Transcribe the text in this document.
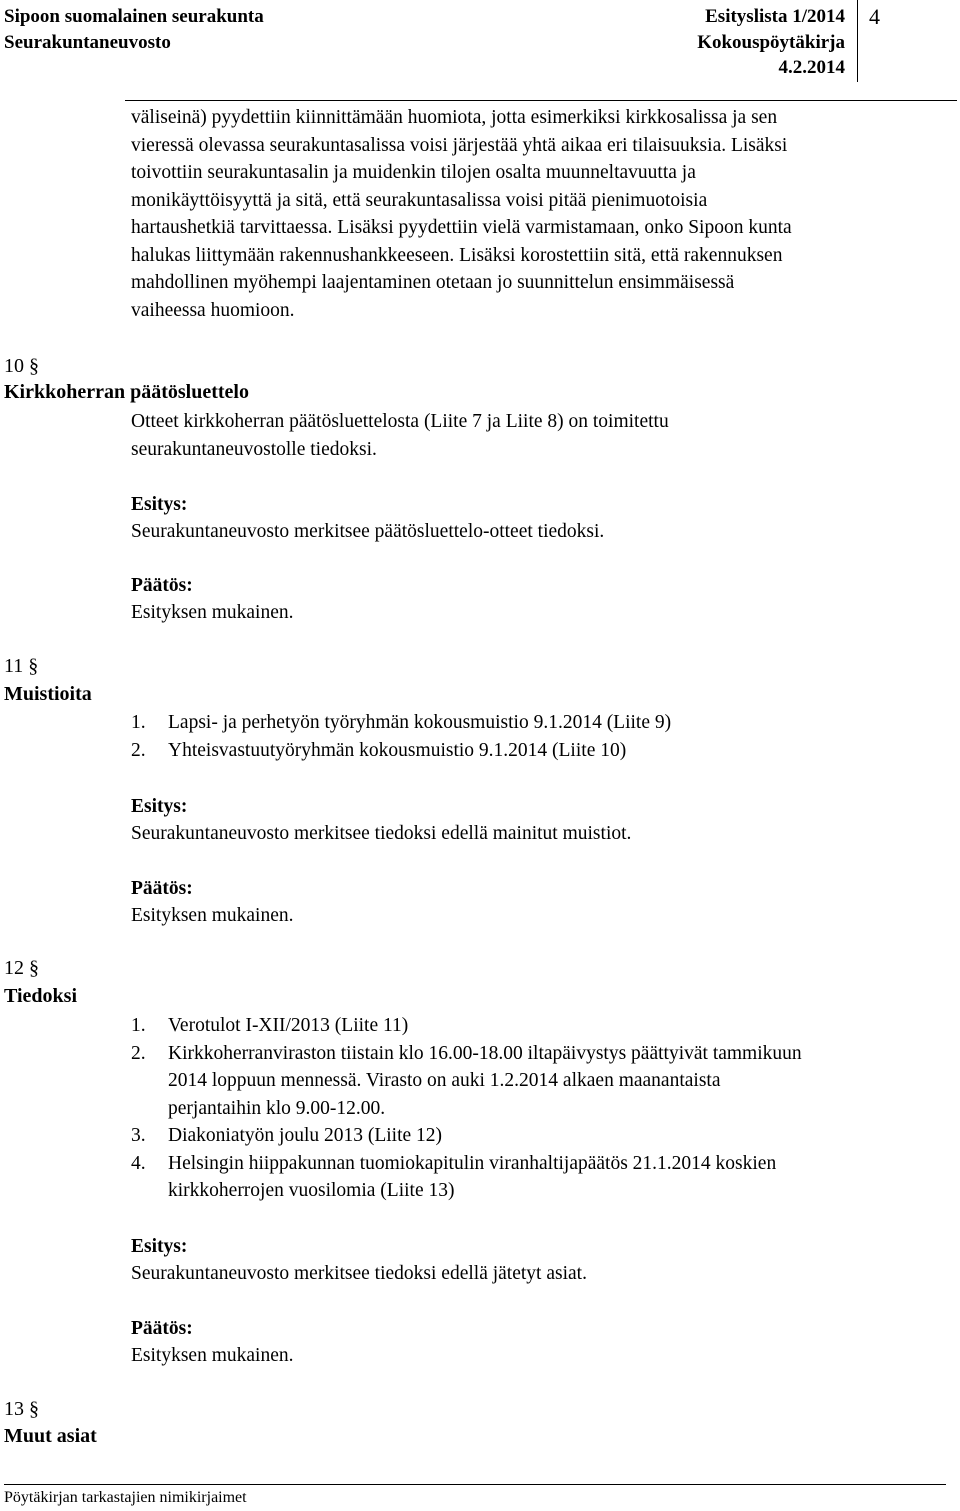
Sipoon suomalainen seurakunta
Seurakuntaneuvosto
Esityslista 1/2014
Kokouspöytäkirja
4.2.2014
4
väliseinä) pyydettiin kiinnittämään huomiota, jotta esimerkiksi kirkkosalissa ja sen
vieressä olevassa seurakuntasalissa voisi järjestää yhtä aikaa eri tilaisuuksia. Lisäksi
toivottiin seurakuntasalin ja muidenkin tilojen osalta muunneltavuutta ja
monikäyttöisyyttä ja sitä, että seurakuntasalissa voisi pitää pienimuotoisia
hartaushetkiä tarvittaessa. Lisäksi pyydettiin vielä varmistamaan, onko Sipoon kunta
halukas liittymään rakennushankkeeseen. Lisäksi korostettiin sitä, että rakennuksen
mahdollinen myöhempi laajentaminen otetaan jo suunnittelun ensimmäisessä
vaiheessa huomioon.
10 §
Kirkkoherran päätösluettelo
Otteet kirkkoherran päätösluettelosta (Liite 7 ja Liite 8) on toimitettu
seurakuntaneuvostolle tiedoksi.
Esitys:
Seurakuntaneuvosto merkitsee päätösluettelo-otteet tiedoksi.
Päätös:
Esityksen mukainen.
11 §
Muistioita
1. Lapsi- ja perhetyön työryhmän kokousmuistio 9.1.2014 (Liite 9)
2. Yhteisvastuutyöryhmän kokousmuistio 9.1.2014 (Liite 10)
Esitys:
Seurakuntaneuvosto merkitsee tiedoksi edellä mainitut muistiot.
Päätös:
Esityksen mukainen.
12 §
Tiedoksi
1.	Verotulot I-XII/2013 (Liite 11)
2.	Kirkkoherranviraston tiistain klo 16.00-18.00 iltapäivystys päättyivät tammikuun
2014 loppuun mennessä. Virasto on auki 1.2.2014 alkaen maanantaista
perjantaihin klo 9.00-12.00.
3.	Diakoniatyön joulu 2013 (Liite 12)
4.	Helsingin hiippakunnan tuomiokapitulin viranhaltijapäätös 21.1.2014 koskien
kirkkoherrojen vuosilomia (Liite 13)
Esitys:
Seurakuntaneuvosto merkitsee tiedoksi edellä jätetyt asiat.
Päätös:
Esityksen mukainen.
13 §
Muut asiat
Pöytäkirjan tarkastajien nimikirjaimet
